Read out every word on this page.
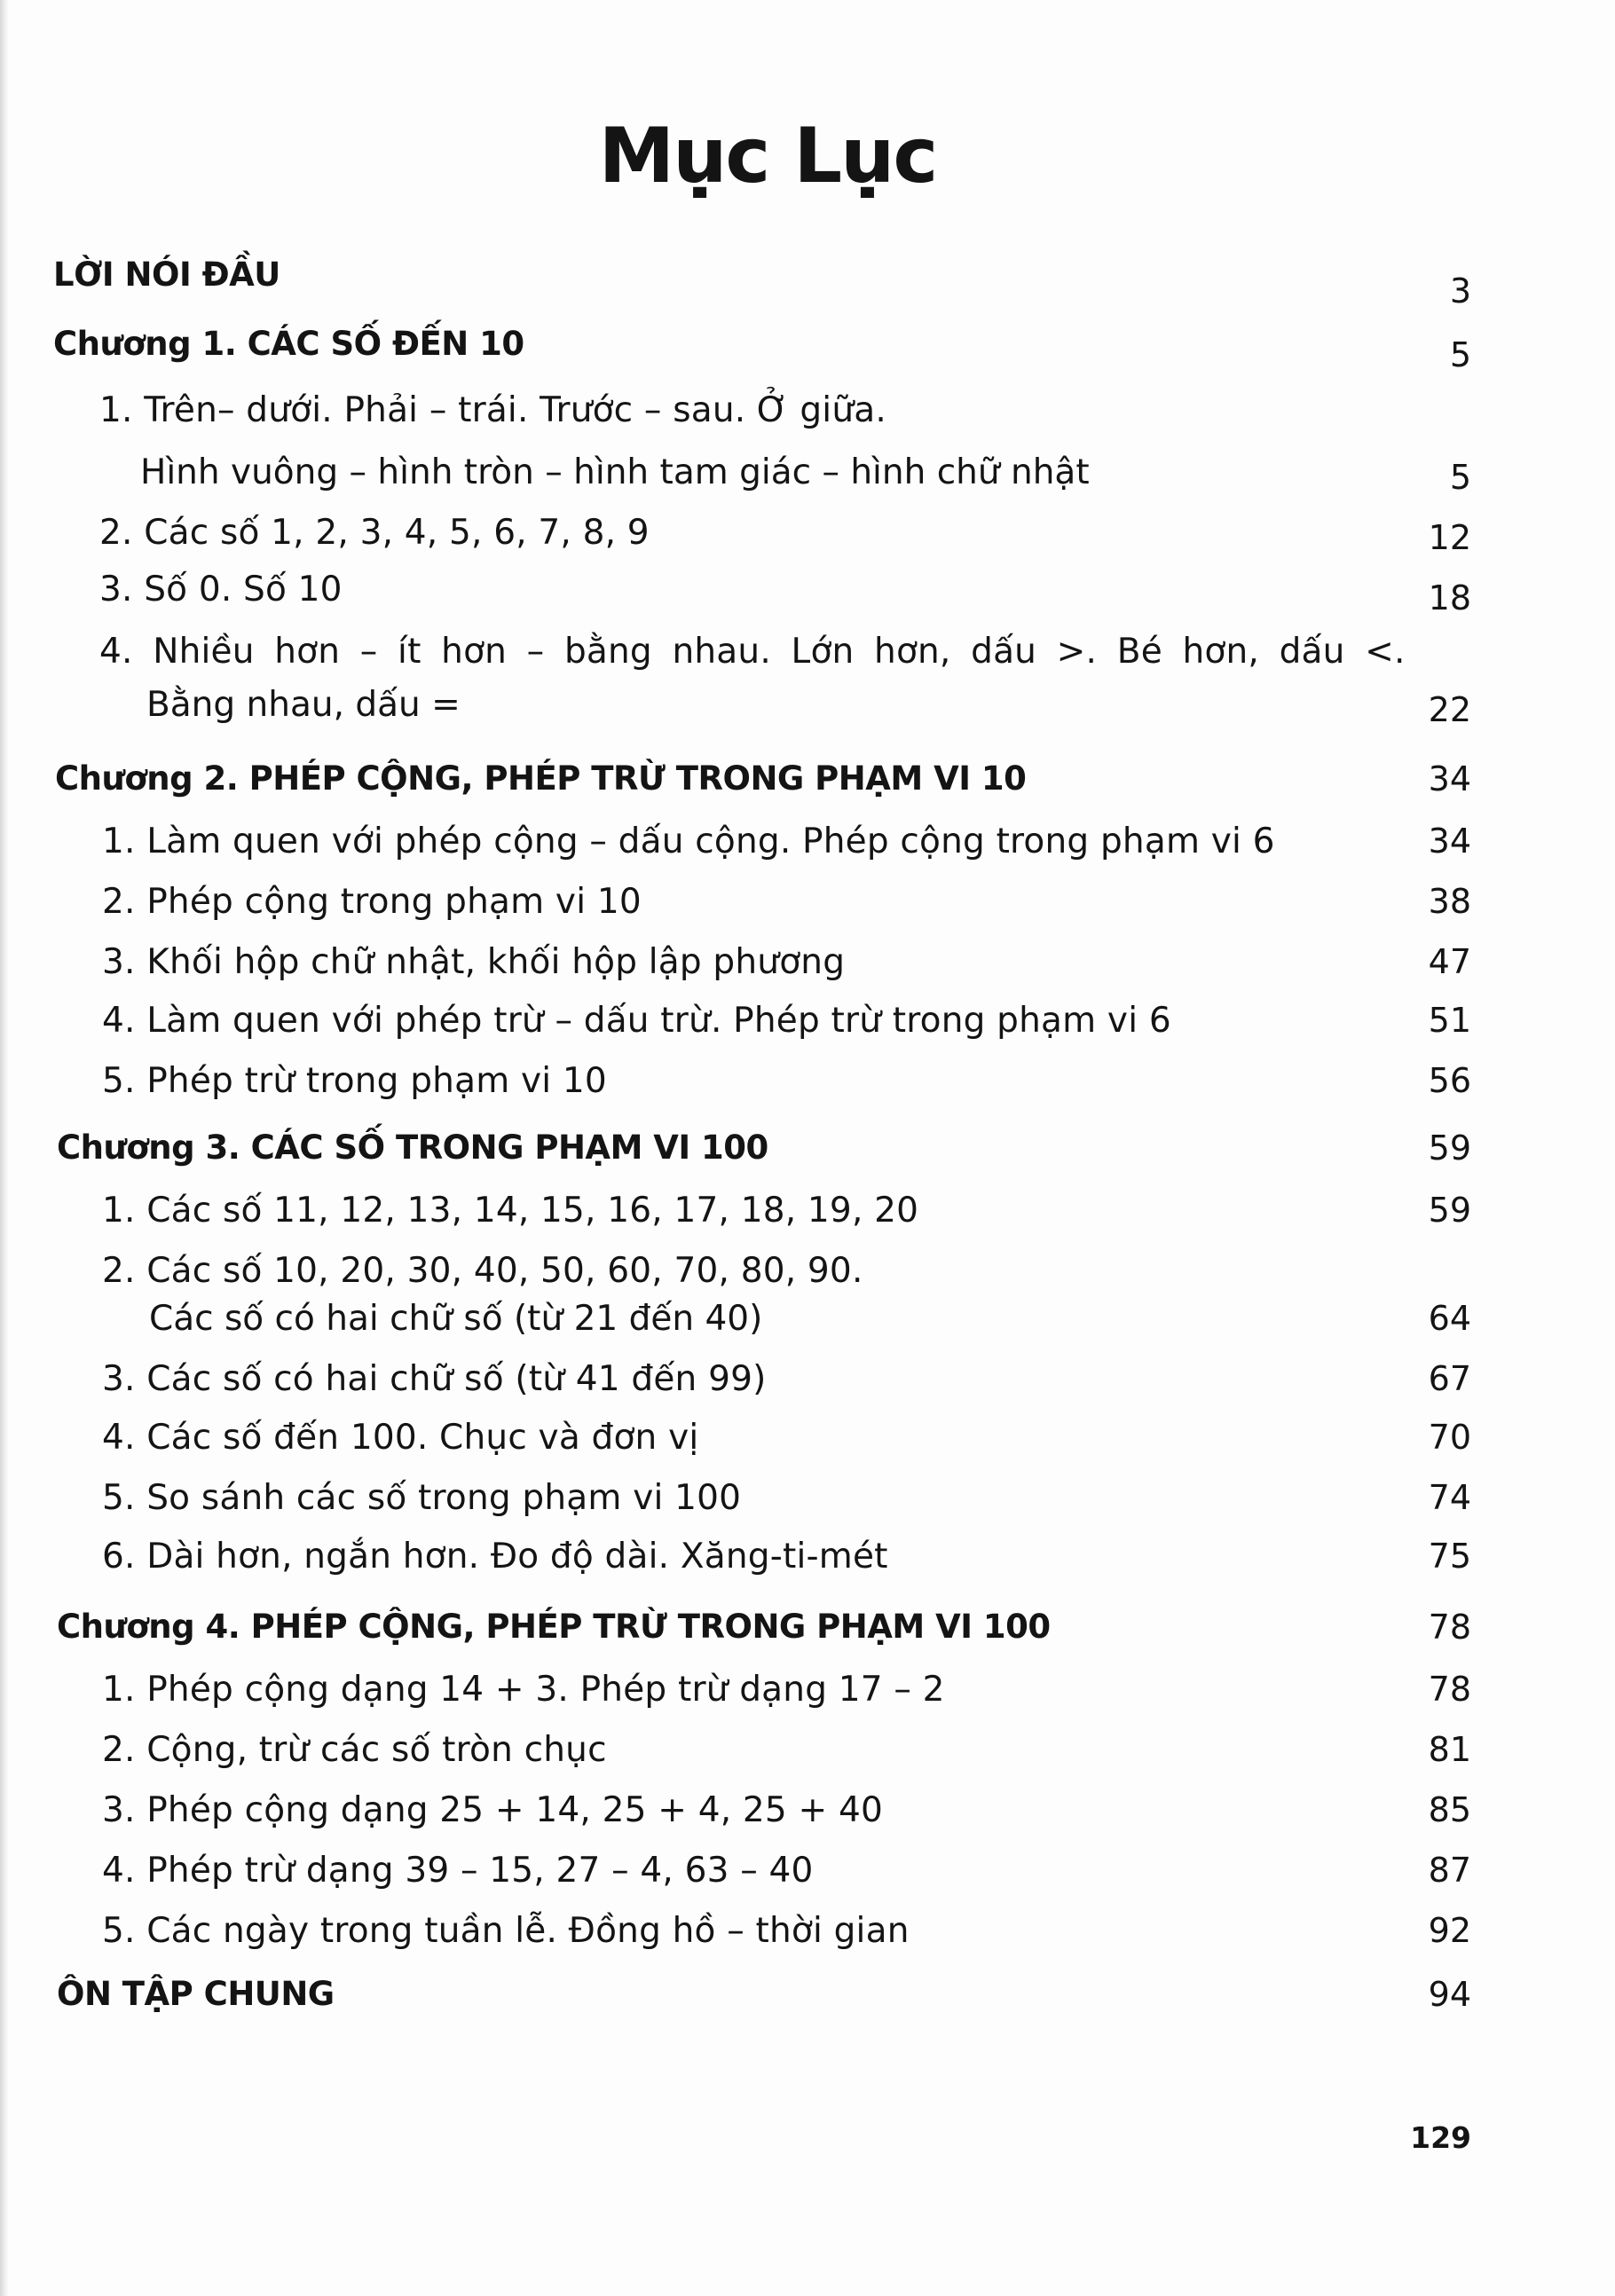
Mục Lục
LỜI NÓI ĐẦU	3
Chương 1. CÁC SỐ ĐẾN 10	5
1. Trên– dưới. Phải – trái. Trước – sau. Ở giữa.
Hình vuông – hình tròn – hình tam giác – hình chữ nhật	5
2. Các số 1, 2, 3, 4, 5, 6, 7, 8, 9	12
3. Số 0. Số 10	18
4. Nhiều hơn – ít hơn – bằng nhau. Lớn hơn, dấu >. Bé hơn, dấu <.
Bằng nhau, dấu =	22
Chương 2. PHÉP CỘNG, PHÉP TRỪ TRONG PHẠM VI 10	34
1. Làm quen với phép cộng – dấu cộng. Phép cộng trong phạm vi 6	34
2. Phép cộng trong phạm vi 10	38
3. Khối hộp chữ nhật, khối hộp lập phương	47
4. Làm quen với phép trừ – dấu trừ. Phép trừ trong phạm vi 6	51
5. Phép trừ trong phạm vi 10	56
Chương 3. CÁC SỐ TRONG PHẠM VI 100	59
1. Các số 11, 12, 13, 14, 15, 16, 17, 18, 19, 20	59
2. Các số 10, 20, 30, 40, 50, 60, 70, 80, 90.
Các số có hai chữ số (từ 21 đến 40)	64
3. Các số có hai chữ số (từ 41 đến 99)	67
4. Các số đến 100. Chục và đơn vị	70
5. So sánh các số trong phạm vi 100	74
6. Dài hơn, ngắn hơn. Đo độ dài. Xăng-ti-mét	75
Chương 4. PHÉP CỘNG, PHÉP TRỪ TRONG PHẠM VI 100	78
1. Phép cộng dạng 14 + 3. Phép trừ dạng 17 – 2	78
2. Cộng, trừ các số tròn chục	81
3. Phép cộng dạng 25 + 14, 25 + 4, 25 + 40	85
4. Phép trừ dạng 39 – 15, 27 – 4, 63 – 40	87
5. Các ngày trong tuần lễ. Đồng hồ – thời gian	92
ÔN TẬP CHUNG	94
129
